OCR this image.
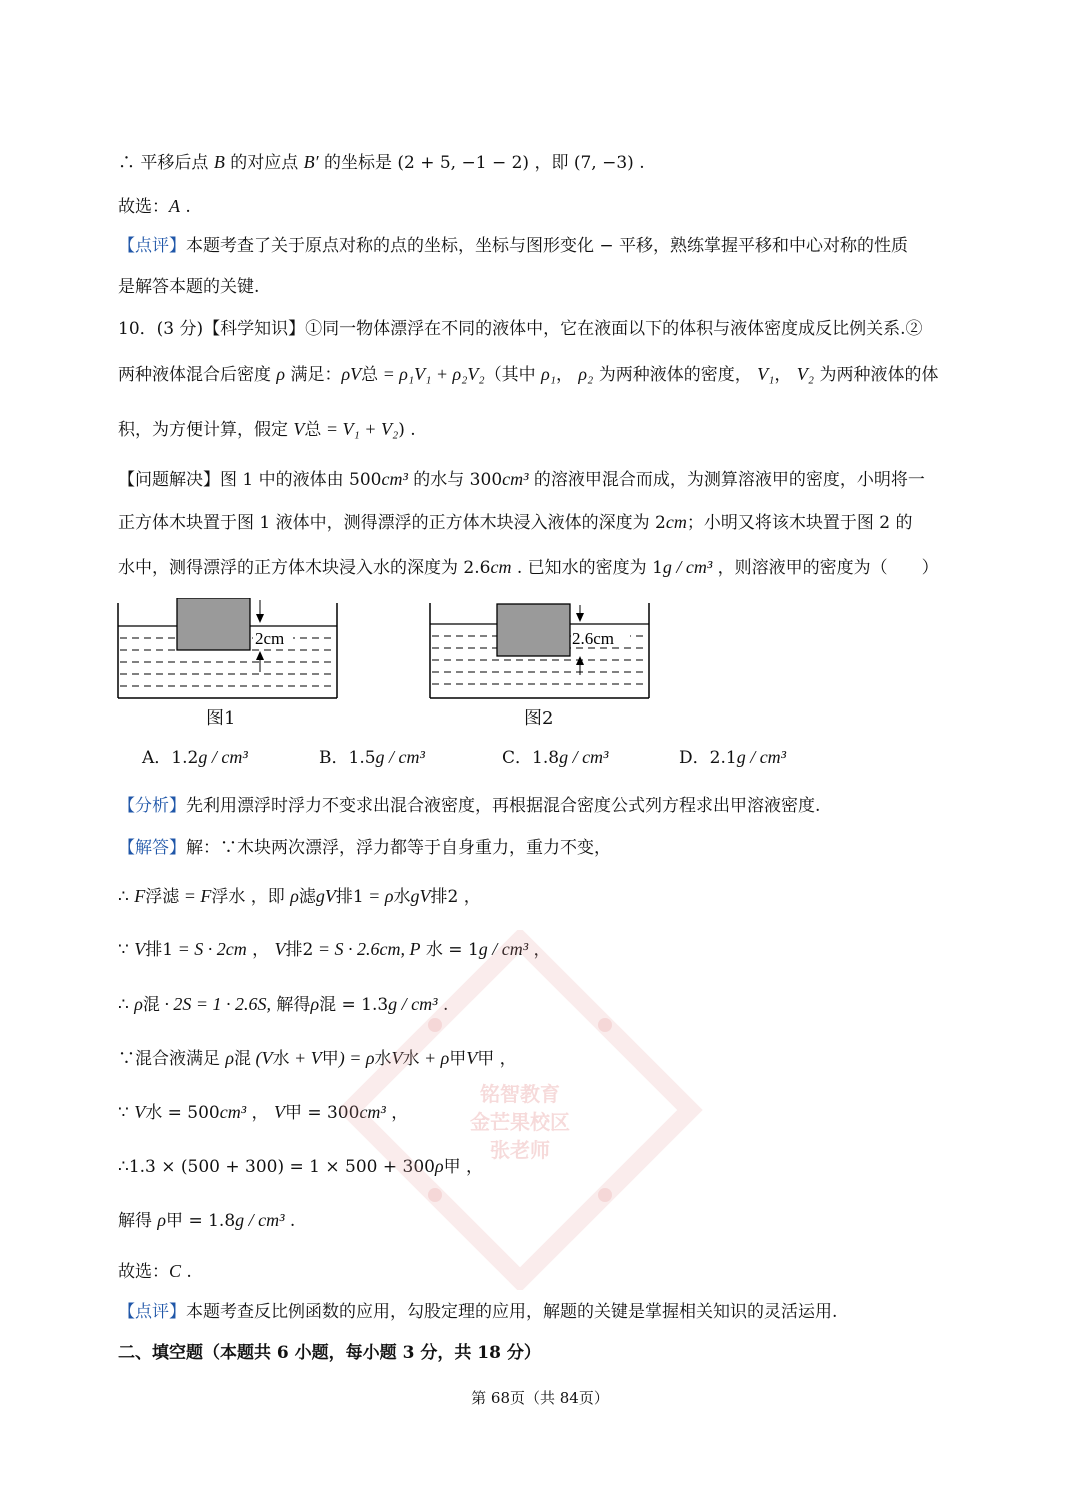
∴ 平移后点 B 的对应点 B′ 的坐标是 (2 + 5, −1 − 2) ，即 (7, −3) .
故选：A .
【点评】本题考查了关于原点对称的点的坐标，坐标与图形变化 − 平移，熟练掌握平移和中心对称的性质
是解答本题的关键.
10．(3 分)【科学知识】①同一物体漂浮在不同的液体中，它在液面以下的体积与液体密度成反比例关系.②
两种液体混合后密度 ρ 满足：ρV总 = ρ₁V₁ + ρ₂V₂（其中 ρ₁， ρ₂ 为两种液体的密度， V₁， V₂ 为两种液体的体
积，为方便计算，假定 V总 = V₁ + V₂) .
【问题解决】图 1 中的液体由 500cm³ 的水与 300cm³ 的溶液甲混合而成，为测算溶液甲的密度，小明将一
正方体木块置于图 1 液体中，测得漂浮的正方体木块浸入液体的深度为 2cm；小明又将该木块置于图 2 的
水中，测得漂浮的正方体木块浸入水的深度为 2.6cm . 已知水的密度为 1g / cm³ ，则溶液甲的密度为（　　）
【分析】先利用漂浮时浮力不变求出混合液密度，再根据混合密度公式列方程求出甲溶液密度.
【解答】解：∵木块两次漂浮，浮力都等于自身重力，重力不变，
∴ F浮滤 = F浮水 ，即 ρ滤gV排1 = ρ水gV排2 ，
∵ V排1 = S · 2cm ， V排2 = S · 2.6cm, P 水 = 1g / cm³ ，
∴ ρ混 · 2S = 1 · 2.6S, 解得ρ混 = 1.3g / cm³ .
∵混合液满足 ρ混 (V水 + V甲) = ρ水V水 + ρ甲V甲 ，
∵ V水 = 500cm³ ， V甲 = 300cm³ ，
∴1.3 × (500 + 300) = 1 × 500 + 300ρ甲 ，
解得 ρ甲 = 1.8g / cm³ .
故选：C .
【点评】本题考查反比例函数的应用，勾股定理的应用，解题的关键是掌握相关知识的灵活运用.
二、填空题（本题共 6 小题，每小题 3 分，共 18 分）
2cm
图1
2.6cm
图2
A．1.2g / cm³	B．1.5g / cm³	C．1.8g / cm³	D．2.1g / cm³
铭智教育
金芒果校区
张老师
第 68页（共 84页）
